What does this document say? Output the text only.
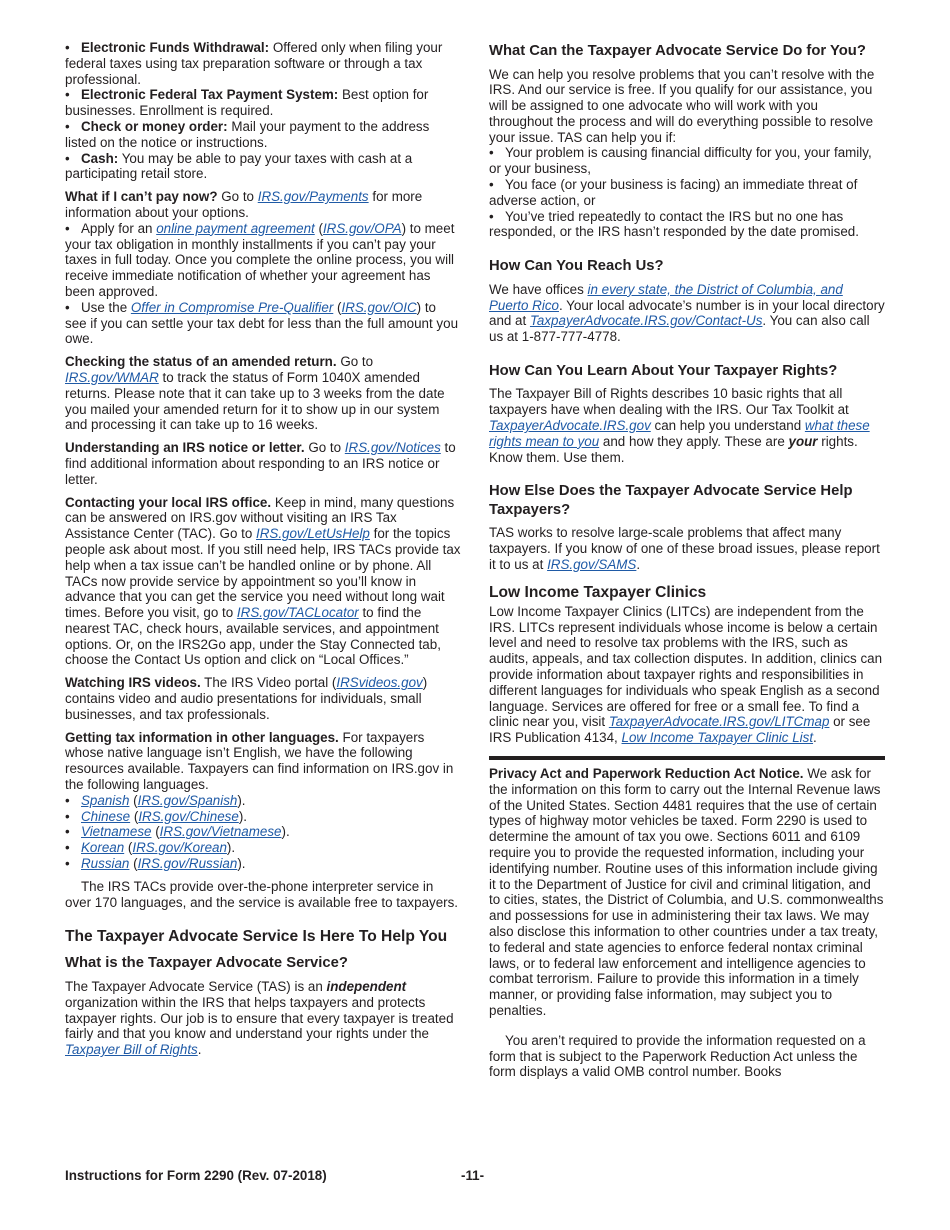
• Electronic Funds Withdrawal: Offered only when filing your federal taxes using tax preparation software or through a tax professional.

• Electronic Federal Tax Payment System: Best option for businesses. Enrollment is required.

• Check or money order: Mail your payment to the address listed on the notice or instructions.

• Cash: You may be able to pay your taxes with cash at a participating retail store.

What if I can’t pay now? Go to IRS.gov/Payments for more information about your options.

• Apply for an online payment agreement (IRS.gov/OPA) to meet your tax obligation in monthly installments if you can’t pay your taxes in full today. Once you complete the online process, you will receive immediate notification of whether your agreement has been approved.

• Use the Offer in Compromise Pre-Qualifier (IRS.gov/OIC) to see if you can settle your tax debt for less than the full amount you owe.

Checking the status of an amended return. Go to IRS.gov/WMAR to track the status of Form 1040X amended returns. Please note that it can take up to 3 weeks from the date you mailed your amended return for it to show up in our system and processing it can take up to 16 weeks.

Understanding an IRS notice or letter. Go to IRS.gov/Notices to find additional information about responding to an IRS notice or letter.

Contacting your local IRS office. Keep in mind, many questions can be answered on IRS.gov without visiting an IRS Tax Assistance Center (TAC). Go to IRS.gov/LetUsHelp for the topics people ask about most. If you still need help, IRS TACs provide tax help when a tax issue can’t be handled online or by phone. All TACs now provide service by appointment so you’ll know in advance that you can get the service you need without long wait times. Before you visit, go to IRS.gov/TACLocator to find the nearest TAC, check hours, available services, and appointment options. Or, on the IRS2Go app, under the Stay Connected tab, choose the Contact Us option and click on “Local Offices.”

Watching IRS videos. The IRS Video portal (IRSvideos.gov) contains video and audio presentations for individuals, small businesses, and tax professionals.

Getting tax information in other languages. For taxpayers whose native language isn’t English, we have the following resources available. Taxpayers can find information on IRS.gov in the following languages.

• Spanish (IRS.gov/Spanish).
• Chinese (IRS.gov/Chinese).
• Vietnamese (IRS.gov/Vietnamese).
• Korean (IRS.gov/Korean).
• Russian (IRS.gov/Russian).

The IRS TACs provide over-the-phone interpreter service in over 170 languages, and the service is available free to taxpayers.

The Taxpayer Advocate Service Is Here To Help You
What is the Taxpayer Advocate Service?

The Taxpayer Advocate Service (TAS) is an independent organization within the IRS that helps taxpayers and protects taxpayer rights. Our job is to ensure that every taxpayer is treated fairly and that you know and understand your rights under the Taxpayer Bill of Rights.

What Can the Taxpayer Advocate Service Do for You?

We can help you resolve problems that you can’t resolve with the IRS. And our service is free. If you qualify for our assistance, you will be assigned to one advocate who will work with you throughout the process and will do everything possible to resolve your issue. TAS can help you if:

• Your problem is causing financial difficulty for you, your family, or your business,

• You face (or your business is facing) an immediate threat of adverse action, or

• You’ve tried repeatedly to contact the IRS but no one has responded, or the IRS hasn’t responded by the date promised.

How Can You Reach Us?

We have offices in every state, the District of Columbia, and Puerto Rico. Your local advocate’s number is in your local directory and at TaxpayerAdvocate.IRS.gov/Contact-Us. You can also call us at 1-877-777-4778.

How Can You Learn About Your Taxpayer Rights?

The Taxpayer Bill of Rights describes 10 basic rights that all taxpayers have when dealing with the IRS. Our Tax Toolkit at TaxpayerAdvocate.IRS.gov can help you understand what these rights mean to you and how they apply. These are your rights. Know them. Use them.

How Else Does the Taxpayer Advocate Service Help Taxpayers?

TAS works to resolve large-scale problems that affect many taxpayers. If you know of one of these broad issues, please report it to us at IRS.gov/SAMS.

Low Income Taxpayer Clinics

Low Income Taxpayer Clinics (LITCs) are independent from the IRS. LITCs represent individuals whose income is below a certain level and need to resolve tax problems with the IRS, such as audits, appeals, and tax collection disputes. In addition, clinics can provide information about taxpayer rights and responsibilities in different languages for individuals who speak English as a second language. Services are offered for free or a small fee. To find a clinic near you, visit TaxpayerAdvocate.IRS.gov/LITCmap or see IRS Publication 4134, Low Income Taxpayer Clinic List.

Privacy Act and Paperwork Reduction Act Notice. We ask for the information on this form to carry out the Internal Revenue laws of the United States. Section 4481 requires that the use of certain types of highway motor vehicles be taxed. Form 2290 is used to determine the amount of tax you owe. Sections 6011 and 6109 require you to provide the requested information, including your identifying number. Routine uses of this information include giving it to the Department of Justice for civil and criminal litigation, and to cities, states, the District of Columbia, and U.S. commonwealths and possessions for use in administering their tax laws. We may also disclose this information to other countries under a tax treaty, to federal and state agencies to enforce federal nontax criminal laws, or to federal law enforcement and intelligence agencies to combat terrorism. Failure to provide this information in a timely manner, or providing false information, may subject you to penalties.

You aren’t required to provide the information requested on a form that is subject to the Paperwork Reduction Act unless the form displays a valid OMB control number. Books

Instructions for Form 2290 (Rev. 07-2018)	-11-
